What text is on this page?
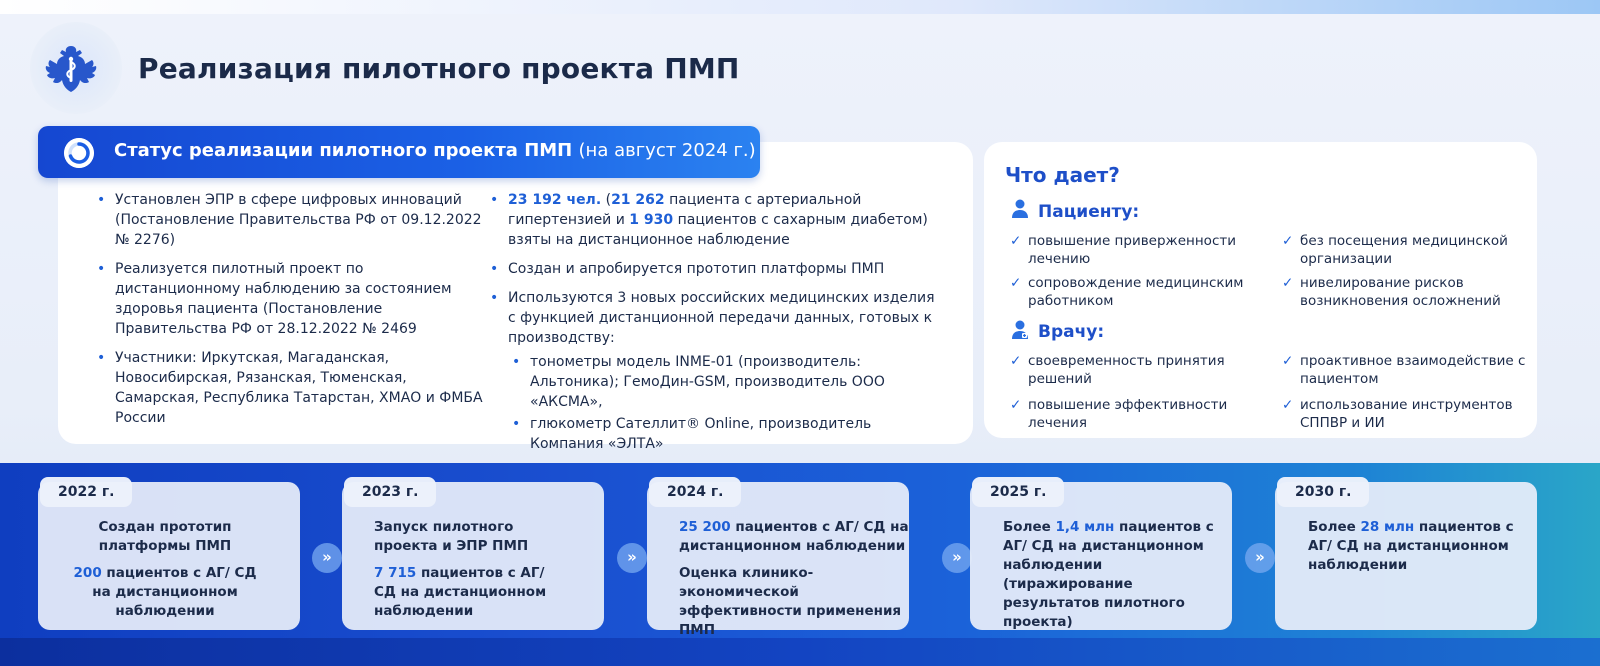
Реализация пилотного проекта ПМП
Статус реализации пилотного проекта ПМП (на август 2024 г.)
• Установлен ЭПР в сфере цифровых инноваций (Постановление Правительства РФ от 09.12.2022 № 2276)
• Реализуется пилотный проект по дистанционному наблюдению за состоянием здоровья пациента (Постановление Правительства РФ от 28.12.2022 № 2469
• Участники: Иркутская, Магаданская, Новосибирская, Рязанская, Тюменская, Самарская, Республика Татарстан, ХМАО и ФМБА России
• 23 192 чел. (21 262 пациента с артериальной гипертензией и 1 930 пациентов с сахарным диабетом) взяты на дистанционное наблюдение
• Создан и апробируется прототип платформы ПМП
• Используются 3 новых российских медицинских изделия с функцией дистанционной передачи данных, готовых к производству:
• тонометры модель INME-01 (производитель: Альтоника); ГемоДин-GSM, производитель ООО «АКСМА»,
• глюкометр Сателлит® Online, производитель Компания «ЭЛТА»
Что дает?
Пациенту:
✓ повышение приверженности лечению
✓ без посещения медицинской организации
✓ сопровождение медицинским работником
✓ нивелирование рисков возникновения осложнений
Врачу:
✓ своевременность принятия решений
✓ проактивное взаимодействие с пациентом
✓ повышение эффективности лечения
✓ использование инструментов СППВР и ИИ
2022 г.
Создан прототип платформы ПМП
200 пациентов с АГ/ СД на дистанционном наблюдении
»
2023 г.
Запуск пилотного проекта и ЭПР ПМП
7 715 пациентов с АГ/ СД на дистанционном наблюдении
»
2024 г.
25 200 пациентов с АГ/ СД на дистанционном наблюдении
Оценка клинико-экономической эффективности применения ПМП
»
2025 г.
Более 1,4 млн пациентов с АГ/ СД на дистанционном наблюдении (тиражирование результатов пилотного проекта)
»
2030 г.
Более 28 млн пациентов с АГ/ СД на дистанционном наблюдении
